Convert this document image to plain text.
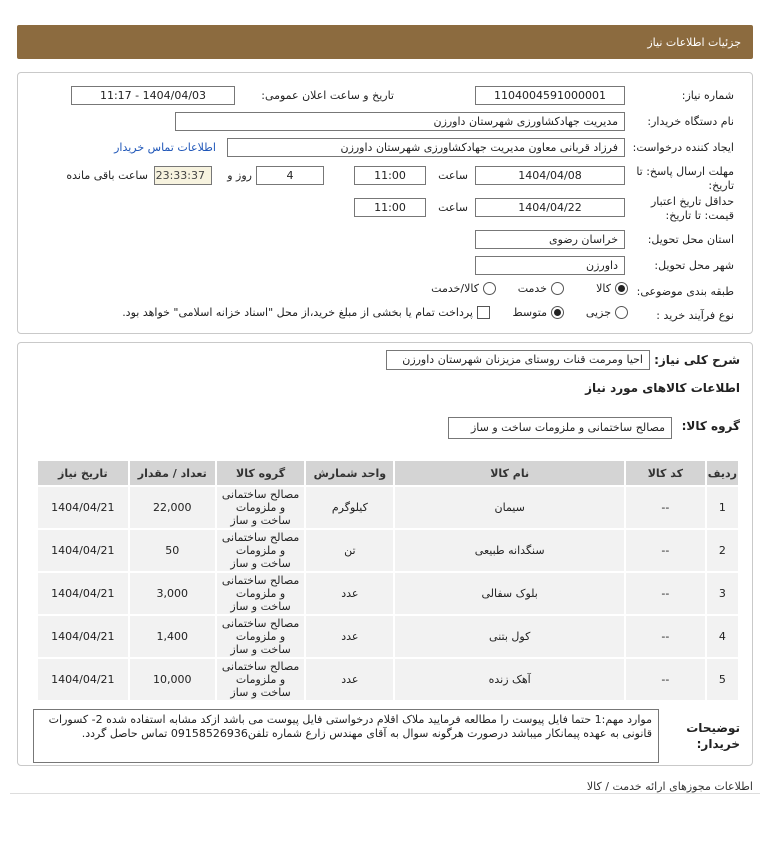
جزئیات اطلاعات نیاز
شماره نیاز:
1104004591000001
تاریخ و ساعت اعلان عمومی:
1404/04/03 - 11:17
نام دستگاه خریدار:
مدیریت جهادکشاورزی شهرستان داورزن
ایجاد کننده درخواست:
فرزاد قربانی معاون مدیریت جهادکشاورزی شهرستان داورزن
اطلاعات تماس خریدار
مهلت ارسال پاسخ: تا
تاریخ:
1404/04/08
ساعت
11:00
4
روز و
23:33:37
ساعت باقی مانده
حداقل تاریخ اعتبار
قیمت: تا تاریخ:
1404/04/22
ساعت
11:00
استان محل تحویل:
خراسان رضوی
شهر محل تحویل:
داورزن
طبقه بندی موضوعی:
کالا
خدمت
کالا/خدمت
نوع فرآیند خرید :
جزیی
متوسط
پرداخت تمام یا بخشی از مبلغ خرید،از محل "اسناد خزانه اسلامی" خواهد بود.
شرح کلی نیاز:
احیا ومرمت قنات روستای مزیزنان شهرستان داورزن
اطلاعات کالاهای مورد نیاز
گروه کالا:
مصالح ساختمانی و ملزومات ساخت و ساز
ردیف	کد کالا	نام کالا	واحد شمارش	گروه کالا	تعداد / مقدار	تاریخ نیاز
1	--	سیمان	کیلوگرم	مصالح ساختمانی و ملزومات ساخت و ساز	22,000	1404/04/21
2	--	سنگدانه طبیعی	تن	مصالح ساختمانی و ملزومات ساخت و ساز	50	1404/04/21
3	--	بلوک سفالی	عدد	مصالح ساختمانی و ملزومات ساخت و ساز	3,000	1404/04/21
4	--	کول بتنی	عدد	مصالح ساختمانی و ملزومات ساخت و ساز	1,400	1404/04/21
5	--	آهک زنده	عدد	مصالح ساختمانی و ملزومات ساخت و ساز	10,000	1404/04/21
توضیحات
خریدار:
موارد مهم:1 حتما فایل پیوست را مطالعه فرمایید ملاک اقلام درخواستی فایل پیوست می باشد ازکد مشابه استفاده شده 2- کسورات قانونی به عهده پیمانکار میباشد درصورت هرگونه سوال به آقای مهندس زارع شماره تلفن09158526936 تماس حاصل گردد.
اطلاعات مجوزهای ارائه خدمت / کالا
